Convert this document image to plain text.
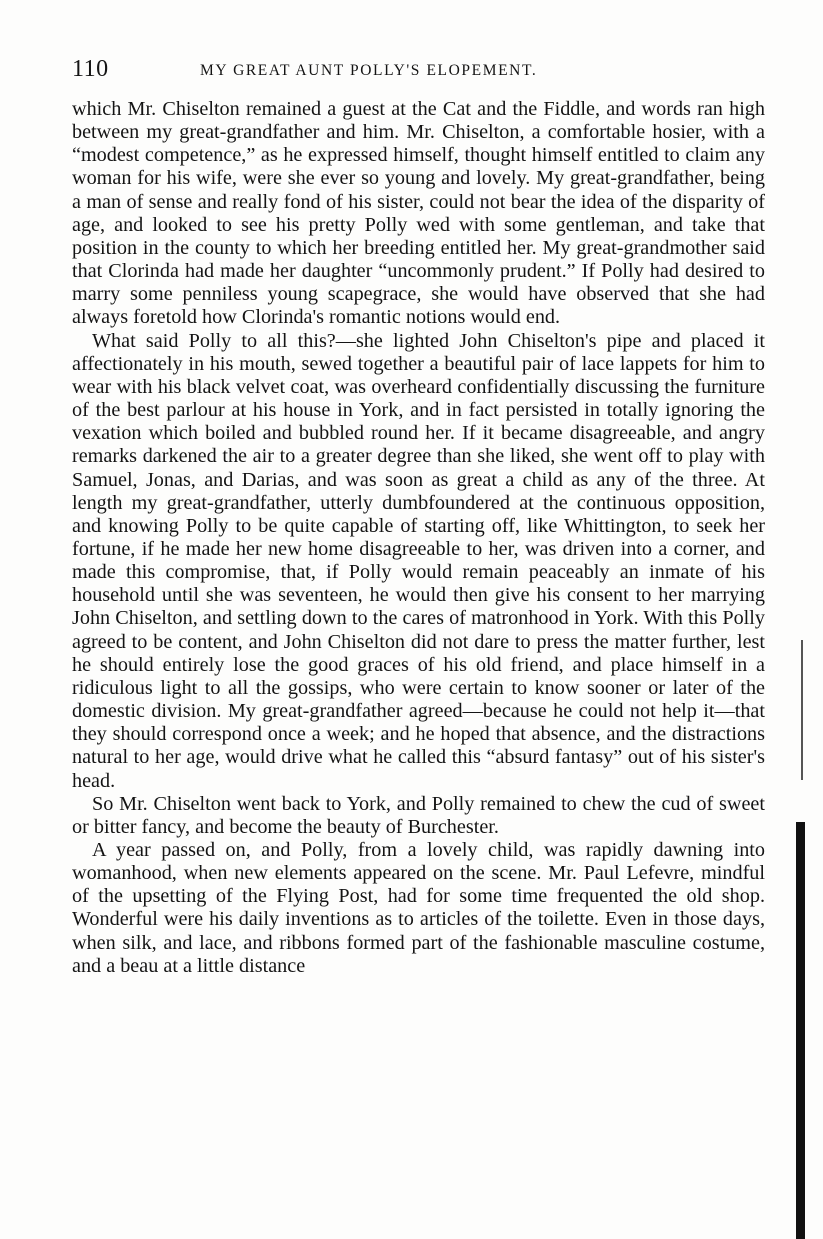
110	MY GREAT AUNT POLLY'S ELOPEMENT.

which Mr. Chiselton remained a guest at the Cat and the Fiddle, and words ran high between my great-grandfather and him. Mr. Chiselton, a comfortable hosier, with a “modest competence,” as he expressed himself, thought himself entitled to claim any woman for his wife, were she ever so young and lovely. My great-grandfather, being a man of sense and really fond of his sister, could not bear the idea of the disparity of age, and looked to see his pretty Polly wed with some gentleman, and take that position in the county to which her breeding entitled her. My great-grandmother said that Clorinda had made her daughter “uncommonly prudent.” If Polly had desired to marry some penniless young scapegrace, she would have observed that she had always foretold how Clorinda's romantic notions would end.

What said Polly to all this?—she lighted John Chiselton's pipe and placed it affectionately in his mouth, sewed together a beautiful pair of lace lappets for him to wear with his black velvet coat, was overheard confidentially discussing the furniture of the best parlour at his house in York, and in fact persisted in totally ignoring the vexation which boiled and bubbled round her. If it became disagreeable, and angry remarks darkened the air to a greater degree than she liked, she went off to play with Samuel, Jonas, and Darias, and was soon as great a child as any of the three. At length my great-grandfather, utterly dumbfoundered at the continuous opposition, and knowing Polly to be quite capable of starting off, like Whittington, to seek her fortune, if he made her new home disagreeable to her, was driven into a corner, and made this compromise, that, if Polly would remain peaceably an inmate of his household until she was seventeen, he would then give his consent to her marrying John Chiselton, and settling down to the cares of matronhood in York. With this Polly agreed to be content, and John Chiselton did not dare to press the matter further, lest he should entirely lose the good graces of his old friend, and place himself in a ridiculous light to all the gossips, who were certain to know sooner or later of the domestic division. My great-grandfather agreed—because he could not help it—that they should correspond once a week; and he hoped that absence, and the distractions natural to her age, would drive what he called this “absurd fantasy” out of his sister's head.

So Mr. Chiselton went back to York, and Polly remained to chew the cud of sweet or bitter fancy, and become the beauty of Burchester.

A year passed on, and Polly, from a lovely child, was rapidly dawning into womanhood, when new elements appeared on the scene. Mr. Paul Lefevre, mindful of the upsetting of the Flying Post, had for some time frequented the old shop. Wonderful were his daily inventions as to articles of the toilette. Even in those days, when silk, and lace, and ribbons formed part of the fashionable masculine costume, and a beau at a little distance
